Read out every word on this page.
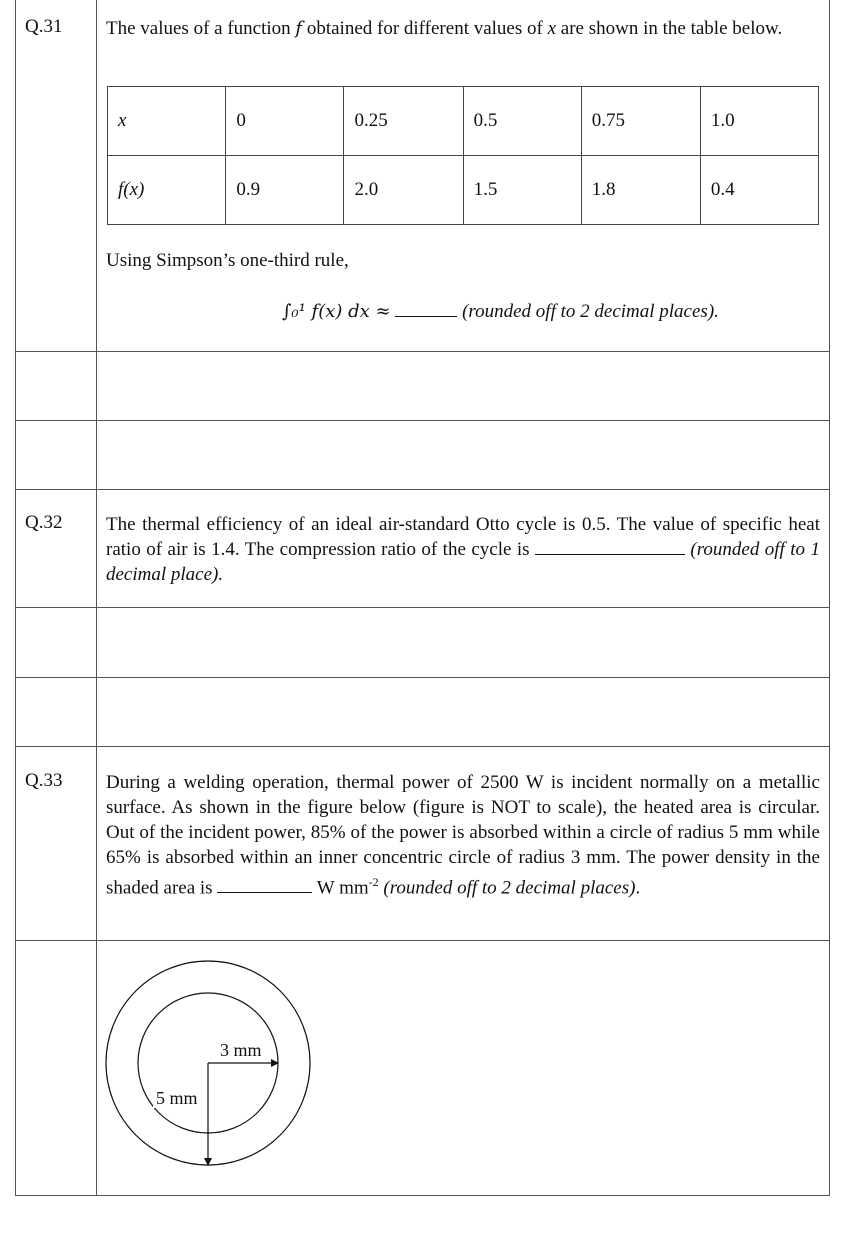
Q.31 The values of a function f obtained for different values of x are shown in the table below.
x	0	0.25	0.5	0.75	1.0
f(x)	0.9	2.0	1.5	1.8	0.4
Using Simpson’s one-third rule,
∫₀¹ f(x) dx ≈	(rounded off to 2 decimal places).
Q.32 The thermal efficiency of an ideal air-standard Otto cycle is 0.5. The value of specific heat ratio of air is 1.4. The compression ratio of the cycle is	(rounded off to 1 decimal place).
Q.33 During a welding operation, thermal power of 2500 W is incident normally on a metallic surface. As shown in the figure below (figure is NOT to scale), the heated area is circular. Out of the incident power, 85% of the power is absorbed within a circle of radius 5 mm while 65% is absorbed within an inner concentric circle of radius 3 mm. The power density in the shaded area is	W $mm^{-2}$ (rounded off to 2 decimal places).
3 mm
5 mm
